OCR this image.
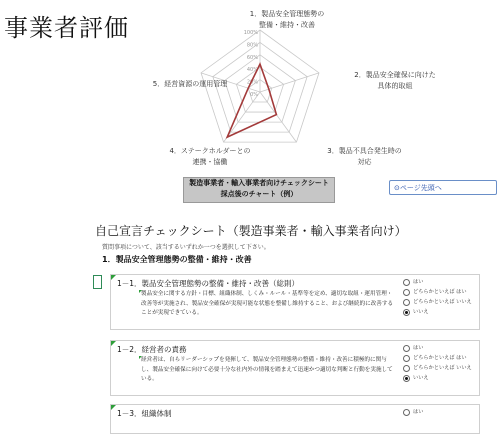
事業者評価	100%
80%
60%
40%
20%
0%
1．製品安全管理態勢の
整備・維持・改善
2．製品安全確保に向けた
具体的取組
3．製品不具合発生時の
対応
4．ステークホルダーとの
連携・協働
5．経営資源の運用管理
製造事業者・輸入事業者向けチェックシート
採点後のチャート（例）
⊙ページ先頭へ
自己宣言チェックシート（製造事業者・輸入事業者向け）
質問事項について、該当するいずれか一つを選択して下さい。
1．製品安全管理態勢の整備・維持・改善
1－1．製品安全管理態勢の整備・維持・改善（総則）
製品安全に関する方針・目標、組織体制、しくみ・ルール・基準等を定め、適切な取組・運用管理・改善等が実施され、製品安全確保が実現可能な状態を整備し維持すること、および継続的に改善することが実現できている。
はい
どちらかといえば はい
どちらかといえば いいえ
いいえ
1－2．経営者の責務
経営者は、自らリーダーシップを発揮して、製品安全管理態勢の整備・維持・改善に積極的に関与し、製品安全確保に向けて必要十分な社内外の情報を踏まえて迅速かつ適切な判断と行動を実施している。
はい
どちらかといえば はい
どちらかといえば いいえ
いいえ
1－3．組織体制	はい
